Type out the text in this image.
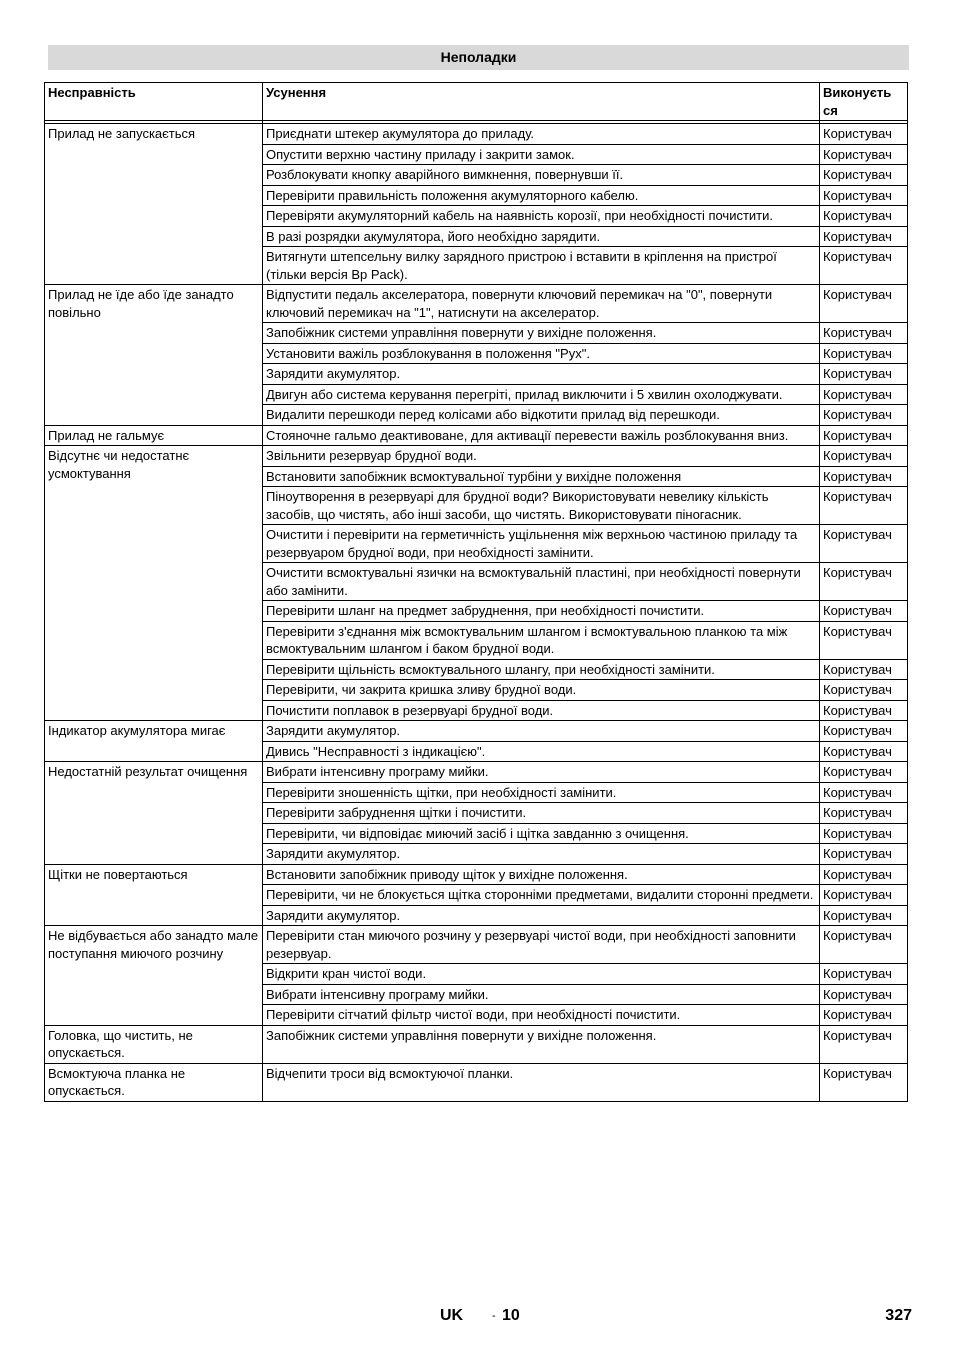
Неполадки
Несправність	Усунення	Виконуєть ся

Прилад не запускається	Приєднати штекер акумулятора до приладу.	Користувач
	Опустити верхню частину приладу і закрити замок.	Користувач
	Розблокувати кнопку аварійного вимкнення, повернувши її.	Користувач
	Перевірити правильність положення акумуляторного кабелю.	Користувач
	Перевіряти акумуляторний кабель на наявність корозії, при необхідності почистити.	Користувач
	В разі розрядки акумулятора, його необхідно зарядити.	Користувач
	Витягнути штепсельну вилку зарядного пристрою і вставити в кріплення на пристрої (тільки версія Bp Pack).	Користувач
Прилад не їде або їде занадто повільно	Відпустити педаль акселератора, повернути ключовий перемикач на "0", повернути ключовий перемикач на "1", натиснути на акселератор.	Користувач
	Запобіжник системи управління повернути у вихідне положення.	Користувач
	Установити важіль розблокування в положення "Рух".	Користувач
	Зарядити акумулятор.	Користувач
	Двигун або система керування перегріті, прилад виключити і 5 хвилин охолоджувати.	Користувач
	Видалити перешкоди перед колісами або відкотити прилад від перешкоди.	Користувач
Прилад не гальмує	Стояночне гальмо деактивоване, для активації перевести важіль розблокування вниз.	Користувач
Відсутнє чи недостатнє усмоктування	Звільнити резервуар брудної води.	Користувач
	Встановити запобіжник всмоктувальної турбіни у вихідне положення	Користувач
	Піноутворення в резервуарі для брудної води? Використовувати невелику кількість засобів, що чистять, або інші засоби, що чистять. Використовувати піногасник.	Користувач
	Очистити і перевірити на герметичність ущільнення між верхньою частиною приладу та резервуаром брудної води, при необхідності замінити.	Користувач
	Очистити всмоктувальні язички на всмоктувальній пластині, при необхідності повернути або замінити.	Користувач
	Перевірити шланг на предмет забруднення, при необхідності почистити.	Користувач
	Перевірити з'єднання між всмоктувальним шлангом і всмоктувальною планкою та між всмоктувальним шлангом і баком брудної води.	Користувач
	Перевірити щільність всмоктувального шлангу, при необхідності замінити.	Користувач
	Перевірити, чи закрита кришка зливу брудної води.	Користувач
	Почистити поплавок в резервуарі брудної води.	Користувач
Індикатор акумулятора мигає	Зарядити акумулятор.	Користувач
	Дивись "Несправності з індикацією".	Користувач
Недостатній результат очищення	Вибрати інтенсивну програму мийки.	Користувач
	Перевірити зношенність щітки, при необхідності замінити.	Користувач
	Перевірити забруднення щітки і почистити.	Користувач
	Перевірити, чи відповідає миючий засіб і щітка завданню з очищення.	Користувач
	Зарядити акумулятор.	Користувач
Щітки не повертаються	Встановити запобіжник приводу щіток у вихідне положення.	Користувач
	Перевірити, чи не блокується щітка сторонніми предметами, видалити сторонні предмети.	Користувач
	Зарядити акумулятор.	Користувач
Не відбувається або занадто мале поступання миючого розчину	Перевірити стан миючого розчину у резервуарі чистої води, при необхідності заповнити резервуар.	Користувач
	Відкрити кран чистої води.	Користувач
	Вибрати інтенсивну програму мийки.	Користувач
	Перевірити сітчатий фільтр чистої води, при необхідності почистити.	Користувач
Головка, що чистить, не опускається.	Запобіжник системи управління повернути у вихідне положення.	Користувач
Всмоктуюча планка не опускається.	Відчепити троси від всмоктуючої планки.	Користувач
UK	- 10	327
